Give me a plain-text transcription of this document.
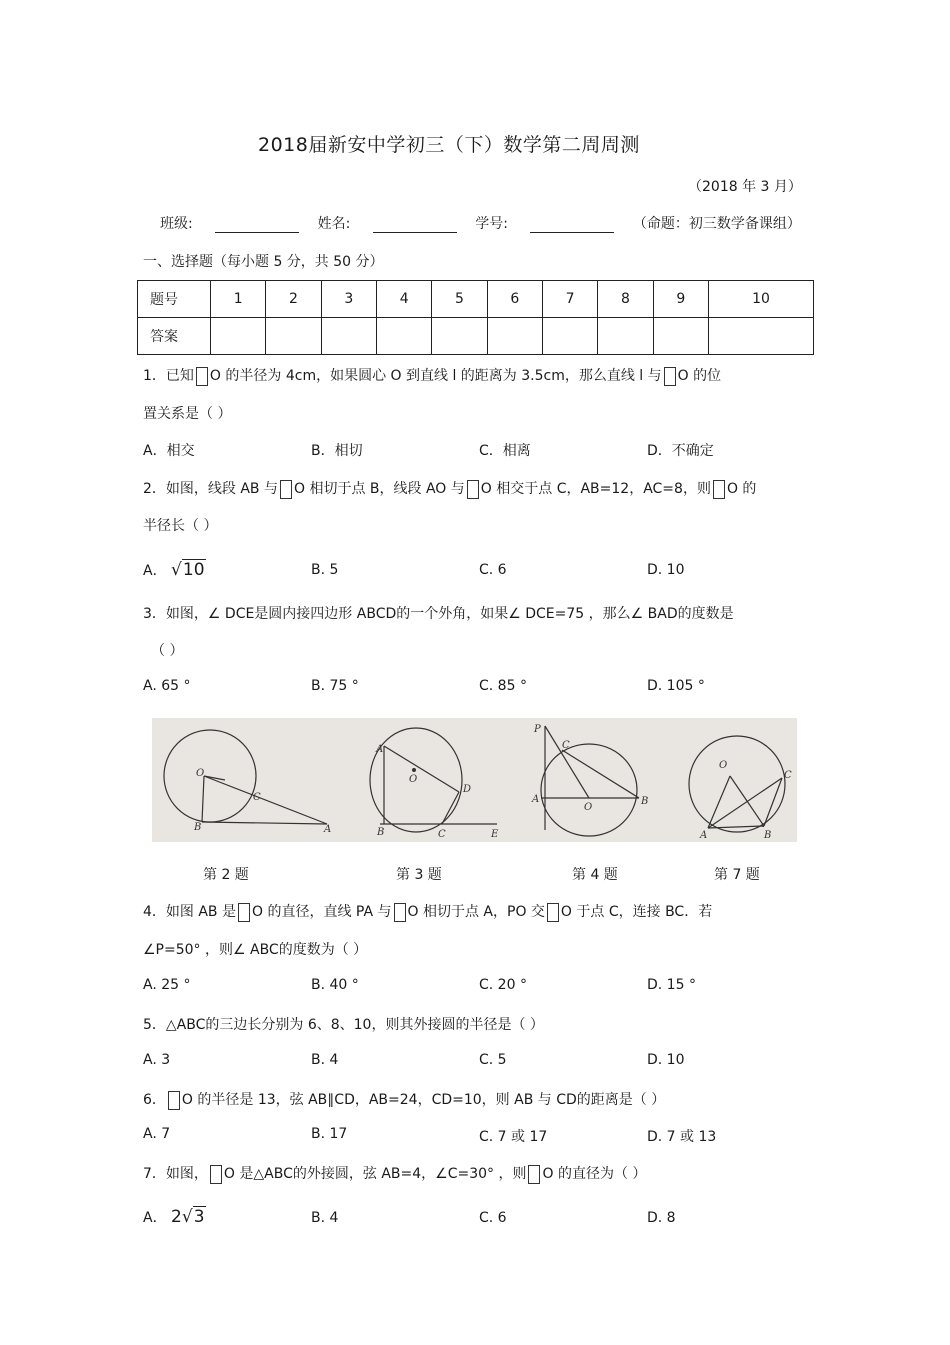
2018届新安中学初三（下）数学第二周周测
（2018 年 3 月）
班级:	姓名:	学号:	（命题：初三数学备课组）
一、选择题（每小题 5 分，共 50 分）
题号	1	2	3	4	5	6	7	8	9	10
答案										
1．已知 O 的半径为 4cm，如果圆心 O 到直线 l 的距离为 3.5cm，那么直线 l 与 O 的位
置关系是（ ）
A．相交	B．相切	C．相离	D．不确定
2．如图，线段 AB 与 O 相切于点 B，线段 AO 与 O 相交于点 C，AB=12，AC=8，则 O 的
半径长（ ）
A． √10	B. 5	C. 6	D. 10
3．如图，∠ DCE是圆内接四边形 ABCD的一个外角，如果∠ DCE=75 ，那么∠ BAD的度数是
（ ）
A. 65 °	B. 75 °	C. 85 °	D. 105 °
O
C
B	A
A
O
D
B	C	E
P
C
A
O
B
O
C
A	B
第 2 题	第 3 题	第 4 题	第 7 题
4．如图 AB 是 O 的直径，直线 PA 与 O 相切于点 A，PO 交 O 于点 C，连接 BC．若
∠P=50° ，则∠ ABC的度数为（ ）
A. 25 °	B. 40 °	C. 20 °	D. 15 °
5．△ABC的三边长分别为 6、8、10，则其外接圆的半径是（ ）
A. 3	B. 4	C. 5	D. 10
6． O 的半径是 13，弦 AB∥CD，AB=24，CD=10，则 AB 与 CD的距离是（ ）
A. 7	B. 17	C. 7 或 17	D. 7 或 13
7．如图， O 是△ABC的外接圆，弦 AB=4，∠C=30° ，则 O 的直径为（ ）
A． 2√3	B. 4	C. 6	D. 8
